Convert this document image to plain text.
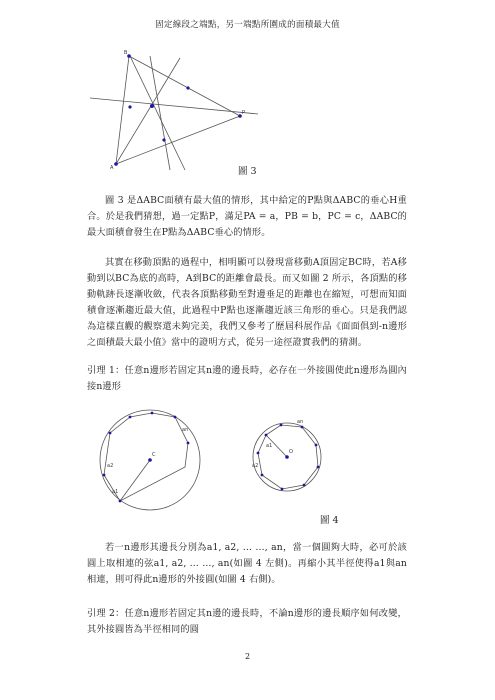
固定線段之端點，另一端點所圍成的面積最大值
B
P
A	圖 3

圖 3 是ΔABC面積有最大值的情形，其中給定的P點與ΔABC的垂心H重合。於是我們猜想，過一定點P，滿足PA = a，PB = b，PC = c，ΔABC的最大面積會發生在P點為ΔABC垂心的情形。

其實在移動頂點的過程中，相明顯可以發現當移動A頂固定BC時，若A移動到以BC為底的高時，A到BC的距離會最長。而又如圖 2 所示，各頂點的移動軌跡長逐漸收斂，代表各頂點移動至對邊垂足的距離也在縮短，可想而知面積會逐漸趨近最大值，此過程中P點也逐漸趨近該三角形的垂心。只是我們認為這樣直觀的觀察還未夠完美，我們又參考了歷屆科展作品《面面俱到-n邊形之面積最大最小值》當中的證明方式，從另一途徑證實我們的猜測。

引理 1：任意n邊形若固定其n邊的邊長時，必存在一外接圓使此n邊形為圓內接n邊形

C
an
a2
a1
O
an
a2
a1
圖 4

若一n邊形其邊長分別為a1, a2, … …, an，當一個圓夠大時，必可於該圓上取相連的弦a1, a2, … …, an(如圖 4 左側)。再縮小其半徑使得a1與an相連，則可得此n邊形的外接圓(如圖 4 右側)。

引理 2：任意n邊形若固定其n邊的邊長時，不論n邊形的邊長順序如何改變，其外接圓皆為半徑相同的圓

2
